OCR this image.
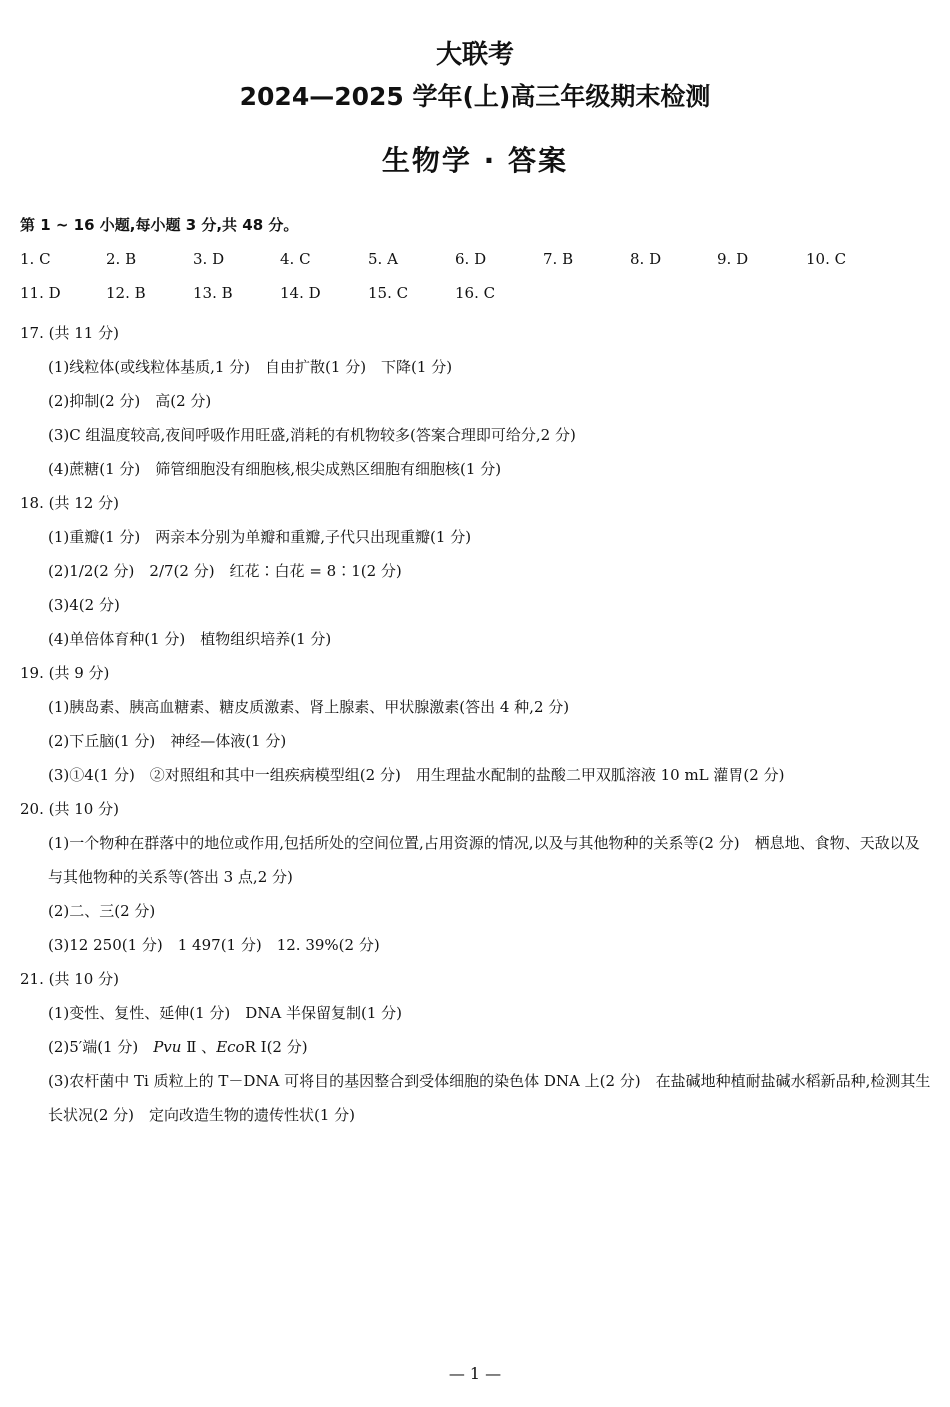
大联考
2024—2025 学年(上)高三年级期末检测
生物学 · 答案
第 1 ~ 16 小题,每小题 3 分,共 48 分。
1. C	2. B	3. D	4. C	5. A	6. D	7. B	8. D	9. D	10. C
11. D	12. B	13. B	14. D	15. C	16. C
17. (共 11 分)
(1)线粒体(或线粒体基质,1 分)　自由扩散(1 分)　下降(1 分)
(2)抑制(2 分)　高(2 分)
(3)C 组温度较高,夜间呼吸作用旺盛,消耗的有机物较多(答案合理即可给分,2 分)
(4)蔗糖(1 分)　筛管细胞没有细胞核,根尖成熟区细胞有细胞核(1 分)
18. (共 12 分)
(1)重瓣(1 分)　两亲本分别为单瓣和重瓣,子代只出现重瓣(1 分)
(2)1/2(2 分)　2/7(2 分)　红花∶白花 = 8∶1(2 分)
(3)4(2 分)
(4)单倍体育种(1 分)　植物组织培养(1 分)
19. (共 9 分)
(1)胰岛素、胰高血糖素、糖皮质激素、肾上腺素、甲状腺激素(答出 4 种,2 分)
(2)下丘脑(1 分)　神经—体液(1 分)
(3)①4(1 分)　②对照组和其中一组疾病模型组(2 分)　用生理盐水配制的盐酸二甲双胍溶液 10 mL 灌胃(2 分)
20. (共 10 分)
(1)一个物种在群落中的地位或作用,包括所处的空间位置,占用资源的情况,以及与其他物种的关系等(2 分)　栖息地、食物、天敌以及与其他物种的关系等(答出 3 点,2 分)
(2)二、三(2 分)
(3)12 250(1 分)　1 497(1 分)　12. 39%(2 分)
21. (共 10 分)
(1)变性、复性、延伸(1 分)　DNA 半保留复制(1 分)
(2)5′端(1 分)　Pvu Ⅱ 、EcoR Ⅰ(2 分)
(3)农杆菌中 Ti 质粒上的 T－DNA 可将目的基因整合到受体细胞的染色体 DNA 上(2 分)　在盐碱地种植耐盐碱水稻新品种,检测其生长状况(2 分)　定向改造生物的遗传性状(1 分)
— 1 —
